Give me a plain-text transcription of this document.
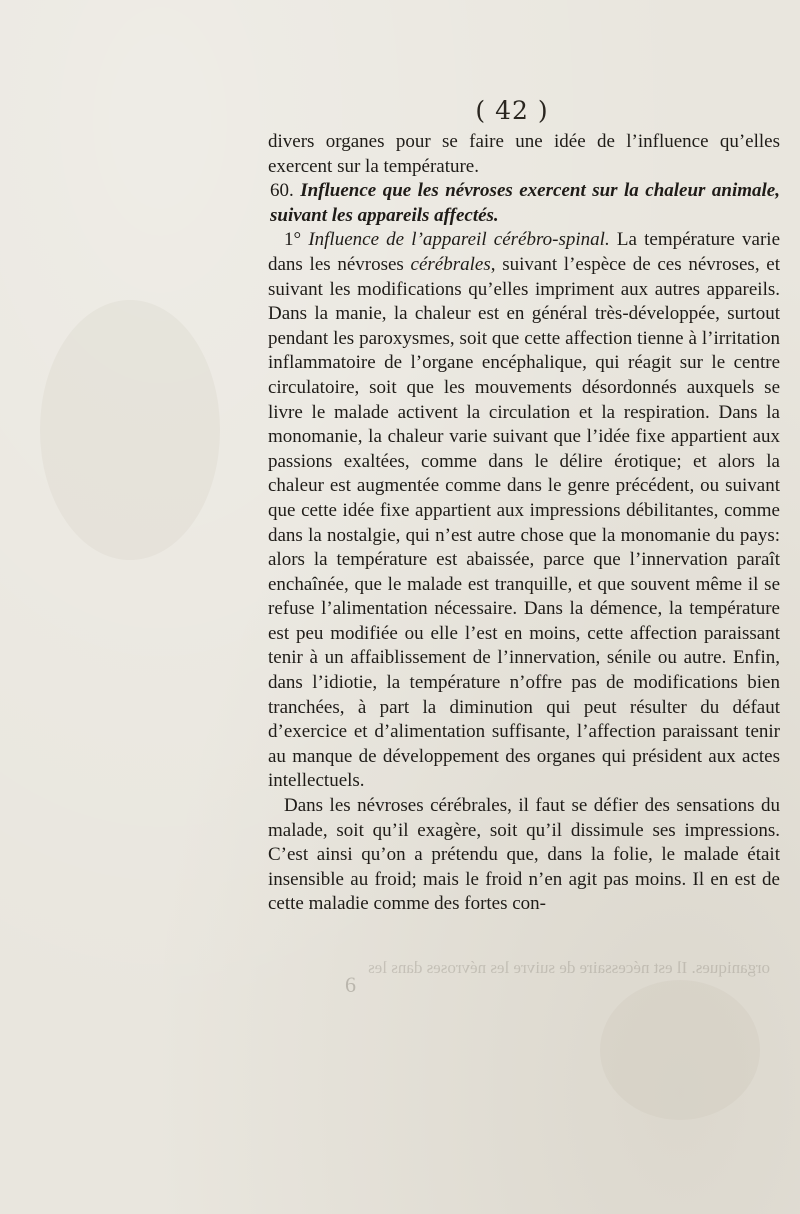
( 42 )

divers organes pour se faire une idée de l’influence qu’elles exercent sur la température.

60. Influence que les névroses exercent sur la chaleur animale, suivant les appareils affectés.

1° Influence de l’appareil cérébro-spinal. La température varie dans les névroses cérébrales, suivant l’espèce de ces névroses, et suivant les modifications qu’elles impriment aux autres appareils. Dans la manie, la chaleur est en général très-développée, surtout pendant les paroxysmes, soit que cette affection tienne à l’irritation inflammatoire de l’organe encéphalique, qui réagit sur le centre circulatoire, soit que les mouvements désordonnés auxquels se livre le malade activent la circulation et la respiration. Dans la monomanie, la chaleur varie suivant que l’idée fixe appartient aux passions exaltées, comme dans le délire érotique; et alors la chaleur est augmentée comme dans le genre précédent, ou suivant que cette idée fixe appartient aux impressions débilitantes, comme dans la nostalgie, qui n’est autre chose que la monomanie du pays: alors la température est abaissée, parce que l’innervation paraît enchaînée, que le malade est tranquille, et que souvent même il se refuse l’alimentation nécessaire. Dans la démence, la température est peu modifiée ou elle l’est en moins, cette affection paraissant tenir à un affaiblissement de l’innervation, sénile ou autre. Enfin, dans l’idiotie, la température n’offre pas de modifications bien tranchées, à part la diminution qui peut résulter du défaut d’exercice et d’alimentation suffisante, l’affection paraissant tenir au manque de développement des organes qui président aux actes intellectuels.

Dans les névroses cérébrales, il faut se défier des sensations du malade, soit qu’il exagère, soit qu’il dissimule ses impressions. C’est ainsi qu’on a prétendu que, dans la folie, le malade était insensible au froid; mais le froid n’en agit pas moins. Il en est de cette maladie comme des fortes con-

organiques. Il est nécessaire de suivre les névroses dans les
6
